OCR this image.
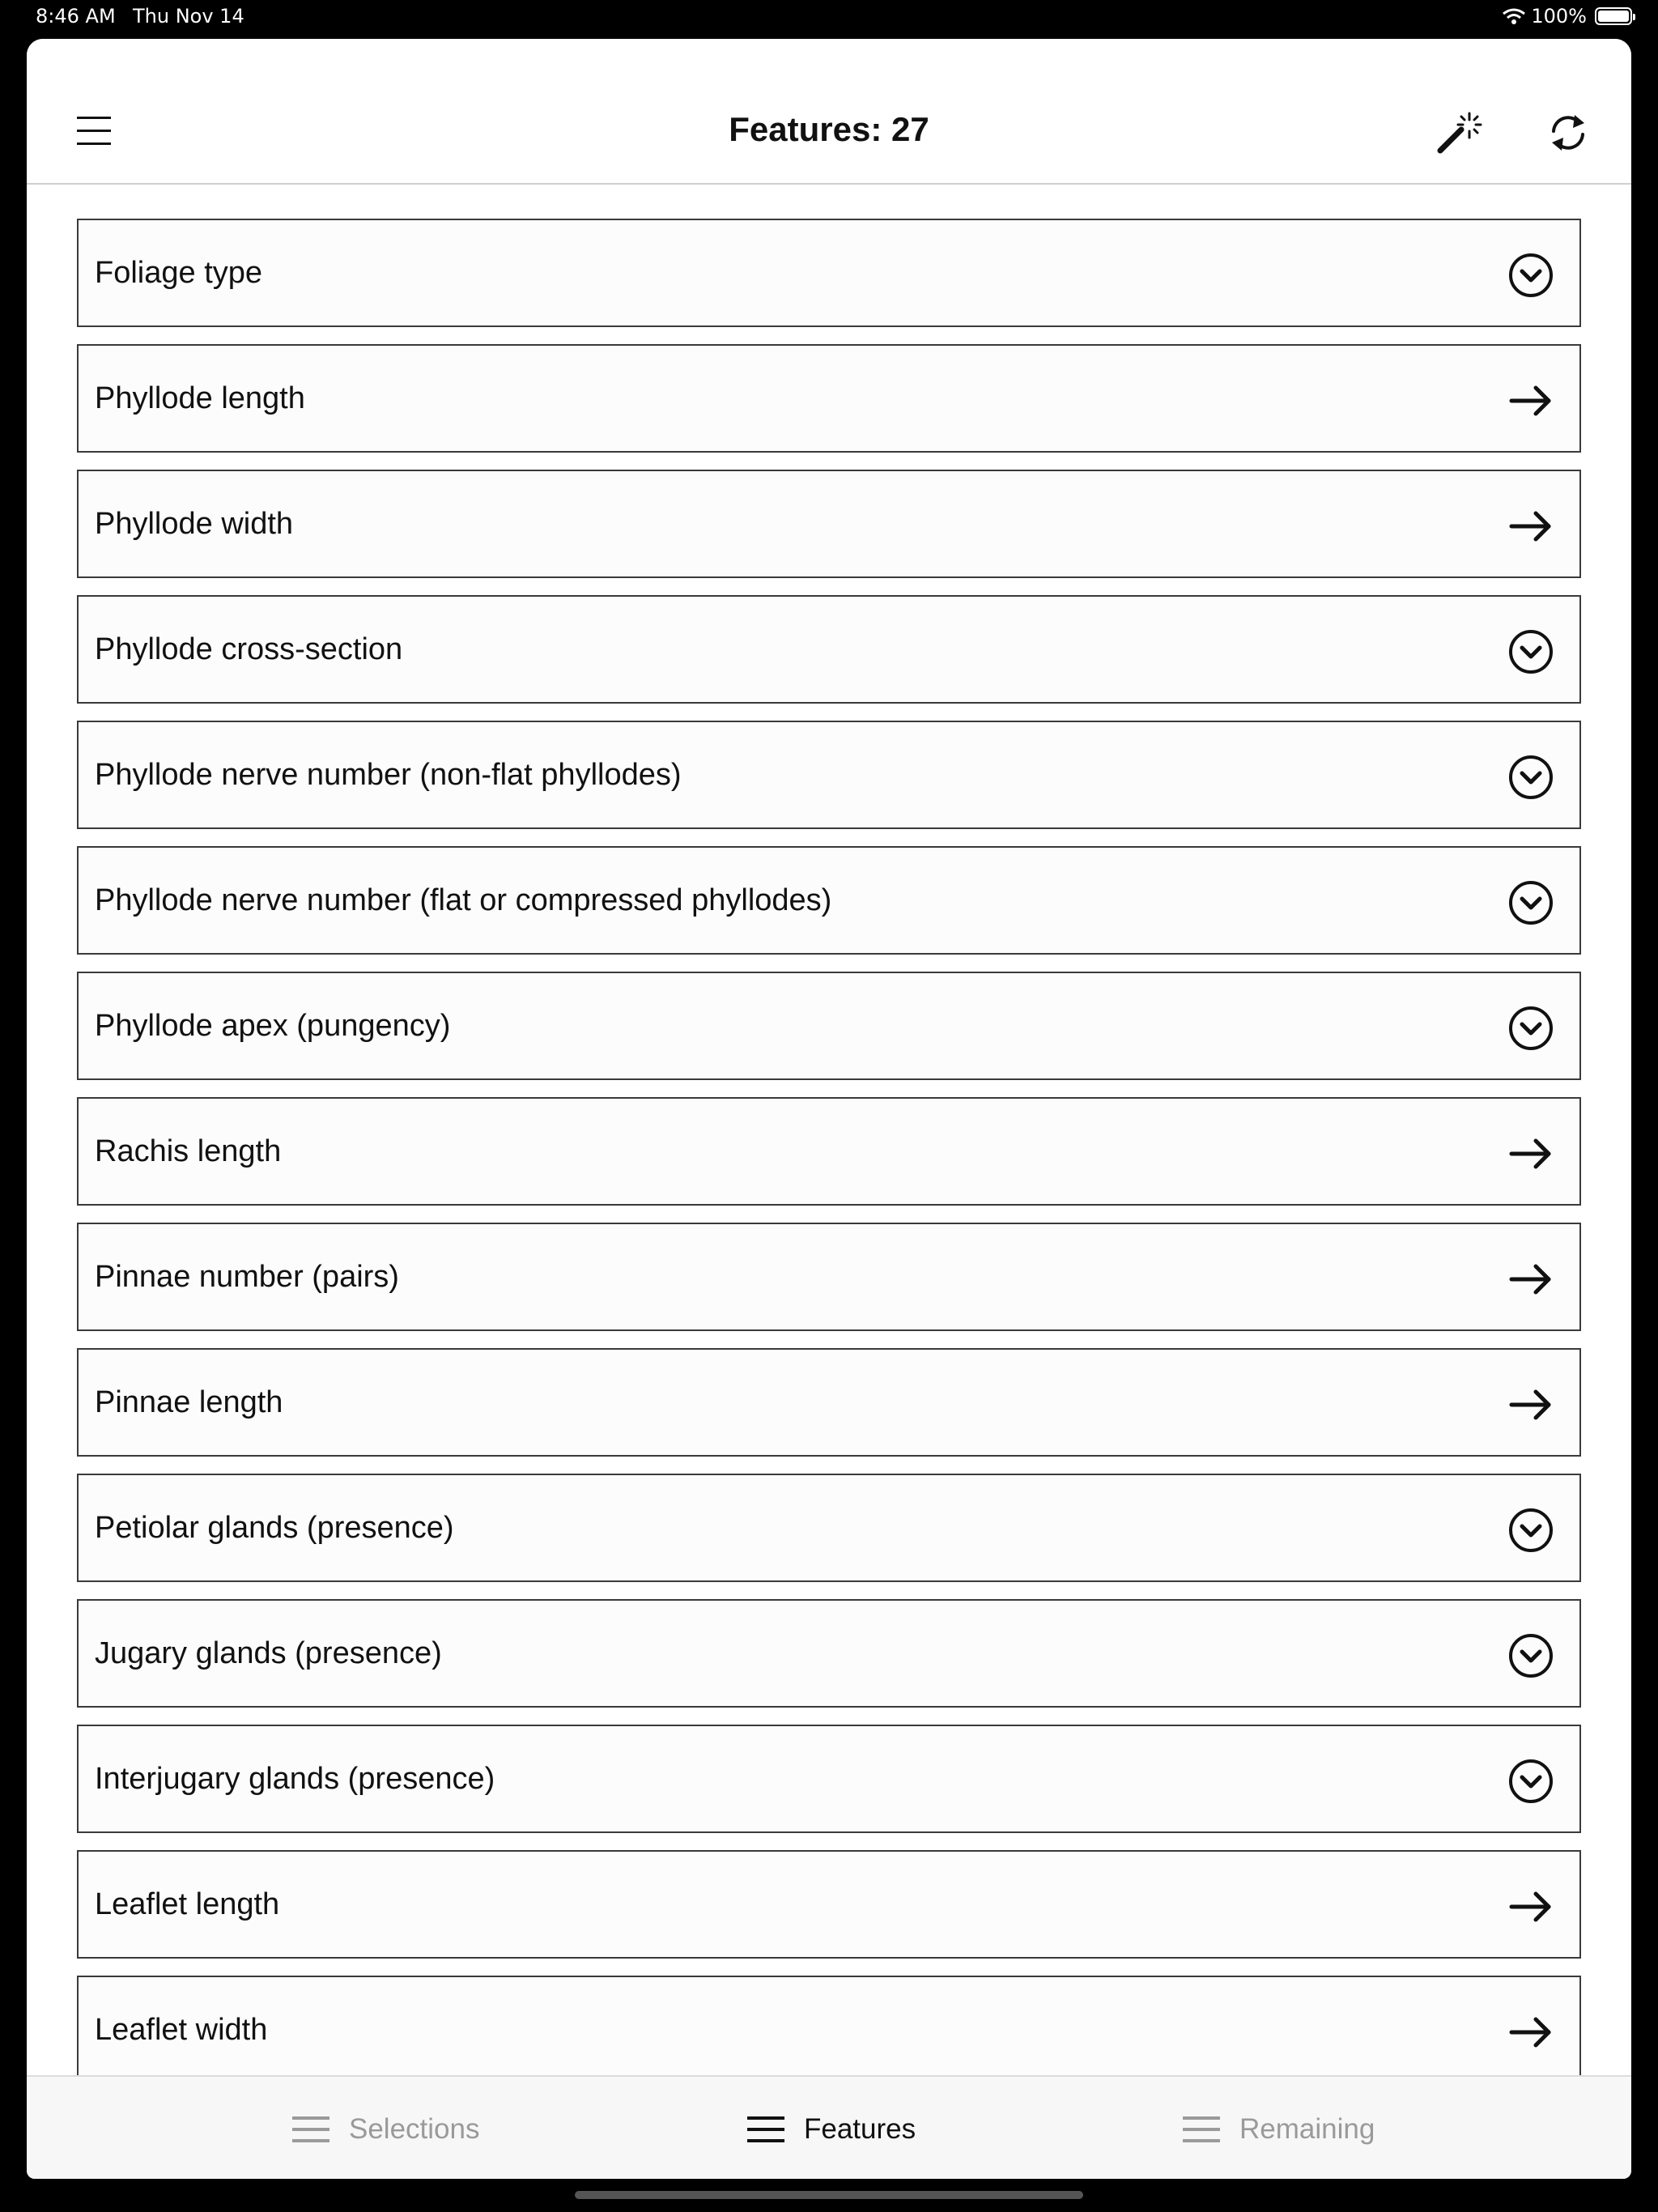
8:46 AM Thu Nov 14	100%
Features: 27
Foliage type
Phyllode length
Phyllode width
Phyllode cross-section
Phyllode nerve number (non-flat phyllodes)
Phyllode nerve number (flat or compressed phyllodes)
Phyllode apex (pungency)
Rachis length
Pinnae number (pairs)
Pinnae length
Petiolar glands (presence)
Jugary glands (presence)
Interjugary glands (presence)
Leaflet length
Leaflet width
Selections	Features	Remaining
